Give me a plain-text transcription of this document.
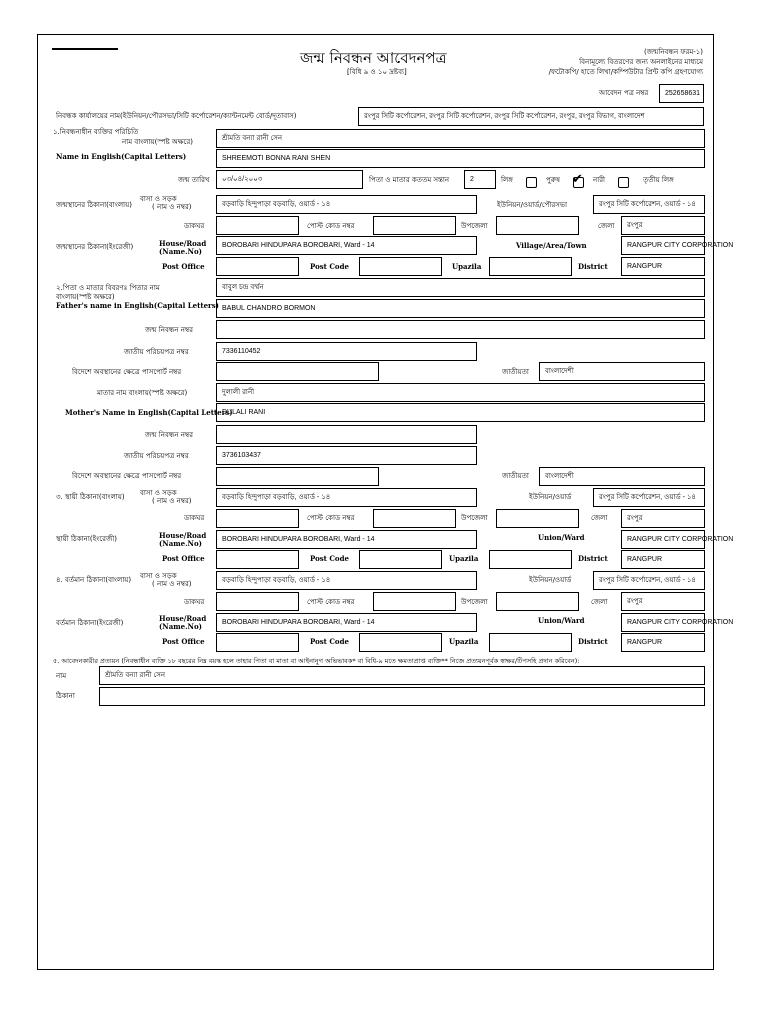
জন্ম নিবন্ধন আবেদনপত্র
[বিধি ৯ ও ১০ দ্রষ্টব্য]
(জন্মনিবন্ধন ফরম-১)
বিনামূল্যে বিতরণের জন্য অনলাইনের মাধ্যমে
/ফটোকপি/ হাতে লিখা/কম্পিউটার প্রিন্ট কপি গ্রহণযোগ্য
আবেদন পত্র নম্বর	252658631
নিবন্ধক কার্যালয়ের নাম(ইউনিয়ন/পৌরসভা/সিটি কর্পোরেশন/ক্যান্টনমেন্ট বোর্ড/দূতাবাস)	রংপুর সিটি কর্পোরেশন, রংপুর সিটি কর্পোরেশন, রংপুর সিটি কর্পোরেশন, রংপুর, রংপুর বিভাগ, বাংলাদেশ
১.নিবন্ধনাধীন ব্যক্তির পরিচিতি
নাম বাংলায়(স্পষ্ট অক্ষরে)	শ্রীমতি বন্যা রানী সেন
Name in English(Capital Letters)	SHREEMOTI BONNA RANI SHEN
জন্ম তারিখ	০৩/০৪/২০০৩	পিতা ও মাতার কততম সন্তান	2	লিঙ্গ	পুরুষ ✔ নারী	তৃতীয় লিঙ্গ
জন্মস্থানের ঠিকানা(বাংলায়)
বাসা ও সড়ক
( নাম ও নম্বর)	বড়বাড়ি হিন্দুপাড়া বড়বাড়ি, ওয়ার্ড - ১৪	ইউনিয়ন/ওয়ার্ড/পৌরসভা	রংপুর সিটি কর্পোরেশন, ওয়ার্ড - ১৪
ডাকঘর	পোস্ট কোড নম্বর	উপজেলা	জেলা	রংপুর
জন্মস্থানের ঠিকানা(ইংরেজী)	House/Road
(Name.No)
BOROBARI HINDUPARA BOROBARI, Ward - 14	Village/Area/Town	RANGPUR CITY CORPORATION
Post Office	Post Code	Upazila	District	RANGPUR
২.পিতা ও মাতার বিবরণঃ পিতার নাম
বাংলায়(স্পষ্ট অক্ষরে)
বাবুল চন্দ্র বর্ম্মন
Father's name in English(Capital Letters) BABUL CHANDRO BORMON
জন্ম নিবন্ধন নম্বর
জাতীয় পরিচয়পত্র নম্বর	7336110452
বিদেশে অবস্থানের ক্ষেত্রে পাসপোর্ট নম্বর	জাতীয়তা	বাংলাদেশী
মাতার নাম বাংলায়(স্পষ্ট অক্ষরে)	দুলালী রানী
Mother's Name in English(Capital Letters)
DULALI RANI
জন্ম নিবন্ধন নম্বর
জাতীয় পরিচয়পত্র নম্বর	3736103437
বিদেশে অবস্থানের ক্ষেত্রে পাসপোর্ট নম্বর	জাতীয়তা	বাংলাদেশী
৩. স্থায়ী ঠিকানা(বাংলায়) বাসা ও সড়ক
( নাম ও নম্বর)	বড়বাড়ি হিন্দুপাড়া বড়বাড়ি, ওয়ার্ড - ১৪	ইউনিয়ন/ওয়ার্ড	রংপুর সিটি কর্পোরেশন, ওয়ার্ড - ১৪
ডাকঘর	পোস্ট কোড নম্বর	উপজেলা	জেলা	রংপুর
স্থায়ী ঠিকানা(ইংরেজী)	House/Road
(Name.No)	BOROBARI HINDUPARA BOROBARI, Ward - 14	Union/Ward	RANGPUR CITY CORPORATION
Post Office	Post Code	Upazila	District	RANGPUR
৪. বর্তমান ঠিকানা(বাংলায়) বাসা ও সড়ক
( নাম ও নম্বর)	বড়বাড়ি হিন্দুপাড়া বড়বাড়ি, ওয়ার্ড - ১৪	ইউনিয়ন/ওয়ার্ড	রংপুর সিটি কর্পোরেশন, ওয়ার্ড - ১৪
ডাকঘর	পোস্ট কোড নম্বর	উপজেলা	জেলা	রংপুর
বর্তমান ঠিকানা(ইংরেজী)	House/Road
(Name.No)	BOROBARI HINDUPARA BOROBARI, Ward - 14	Union/Ward	RANGPUR CITY CORPORATION
Post Office	Post Code	Upazila	District	RANGPUR
৫. আবেদনকারীর প্রত্যয়ন (নিবন্ধাধীন ব্যক্তি ১৮ বছরের নিম্ন বয়স্ক হলে তাহার পিতা বা মাতা বা আইনানুগ অভিভাবক* বা বিধি-৯ মতে ক্ষমতাপ্রাপ্ত ব্যক্তি** নিজে প্রত্যয়নপূর্বক স্বাক্ষর/টিপসহি প্রদান করিবেন):
নাম	শ্রীমতি বন্যা রানী সেন
ঠিকানা
